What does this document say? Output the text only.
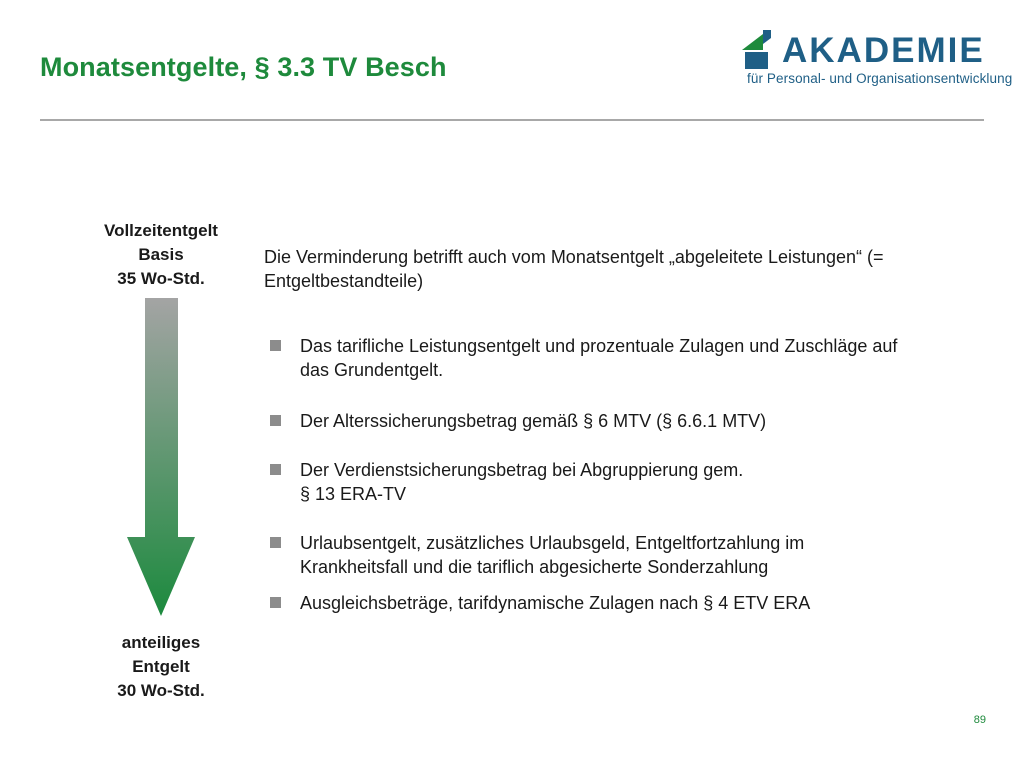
Monatsentgelte, § 3.3 TV Besch	AKADEMIE
für Personal- und Organisationsentwicklung
Vollzeitentgelt
Basis
35 Wo-Std.
anteiliges
Entgelt
30 Wo-Std.
Die Verminderung betrifft auch vom Monatsentgelt „abgeleitete Leistungen“ (= Entgeltbestandteile)
Das tarifliche Leistungsentgelt und prozentuale Zulagen und Zuschläge auf
das Grundentgelt.
Der Alterssicherungsbetrag gemäß § 6 MTV (§ 6.6.1 MTV)
Der Verdienstsicherungsbetrag bei Abgruppierung gem.
§ 13 ERA-TV
Urlaubsentgelt, zusätzliches Urlaubsgeld, Entgeltfortzahlung im
Krankheitsfall und die tariflich abgesicherte Sonderzahlung
Ausgleichsbeträge, tarifdynamische Zulagen nach § 4 ETV ERA
89
